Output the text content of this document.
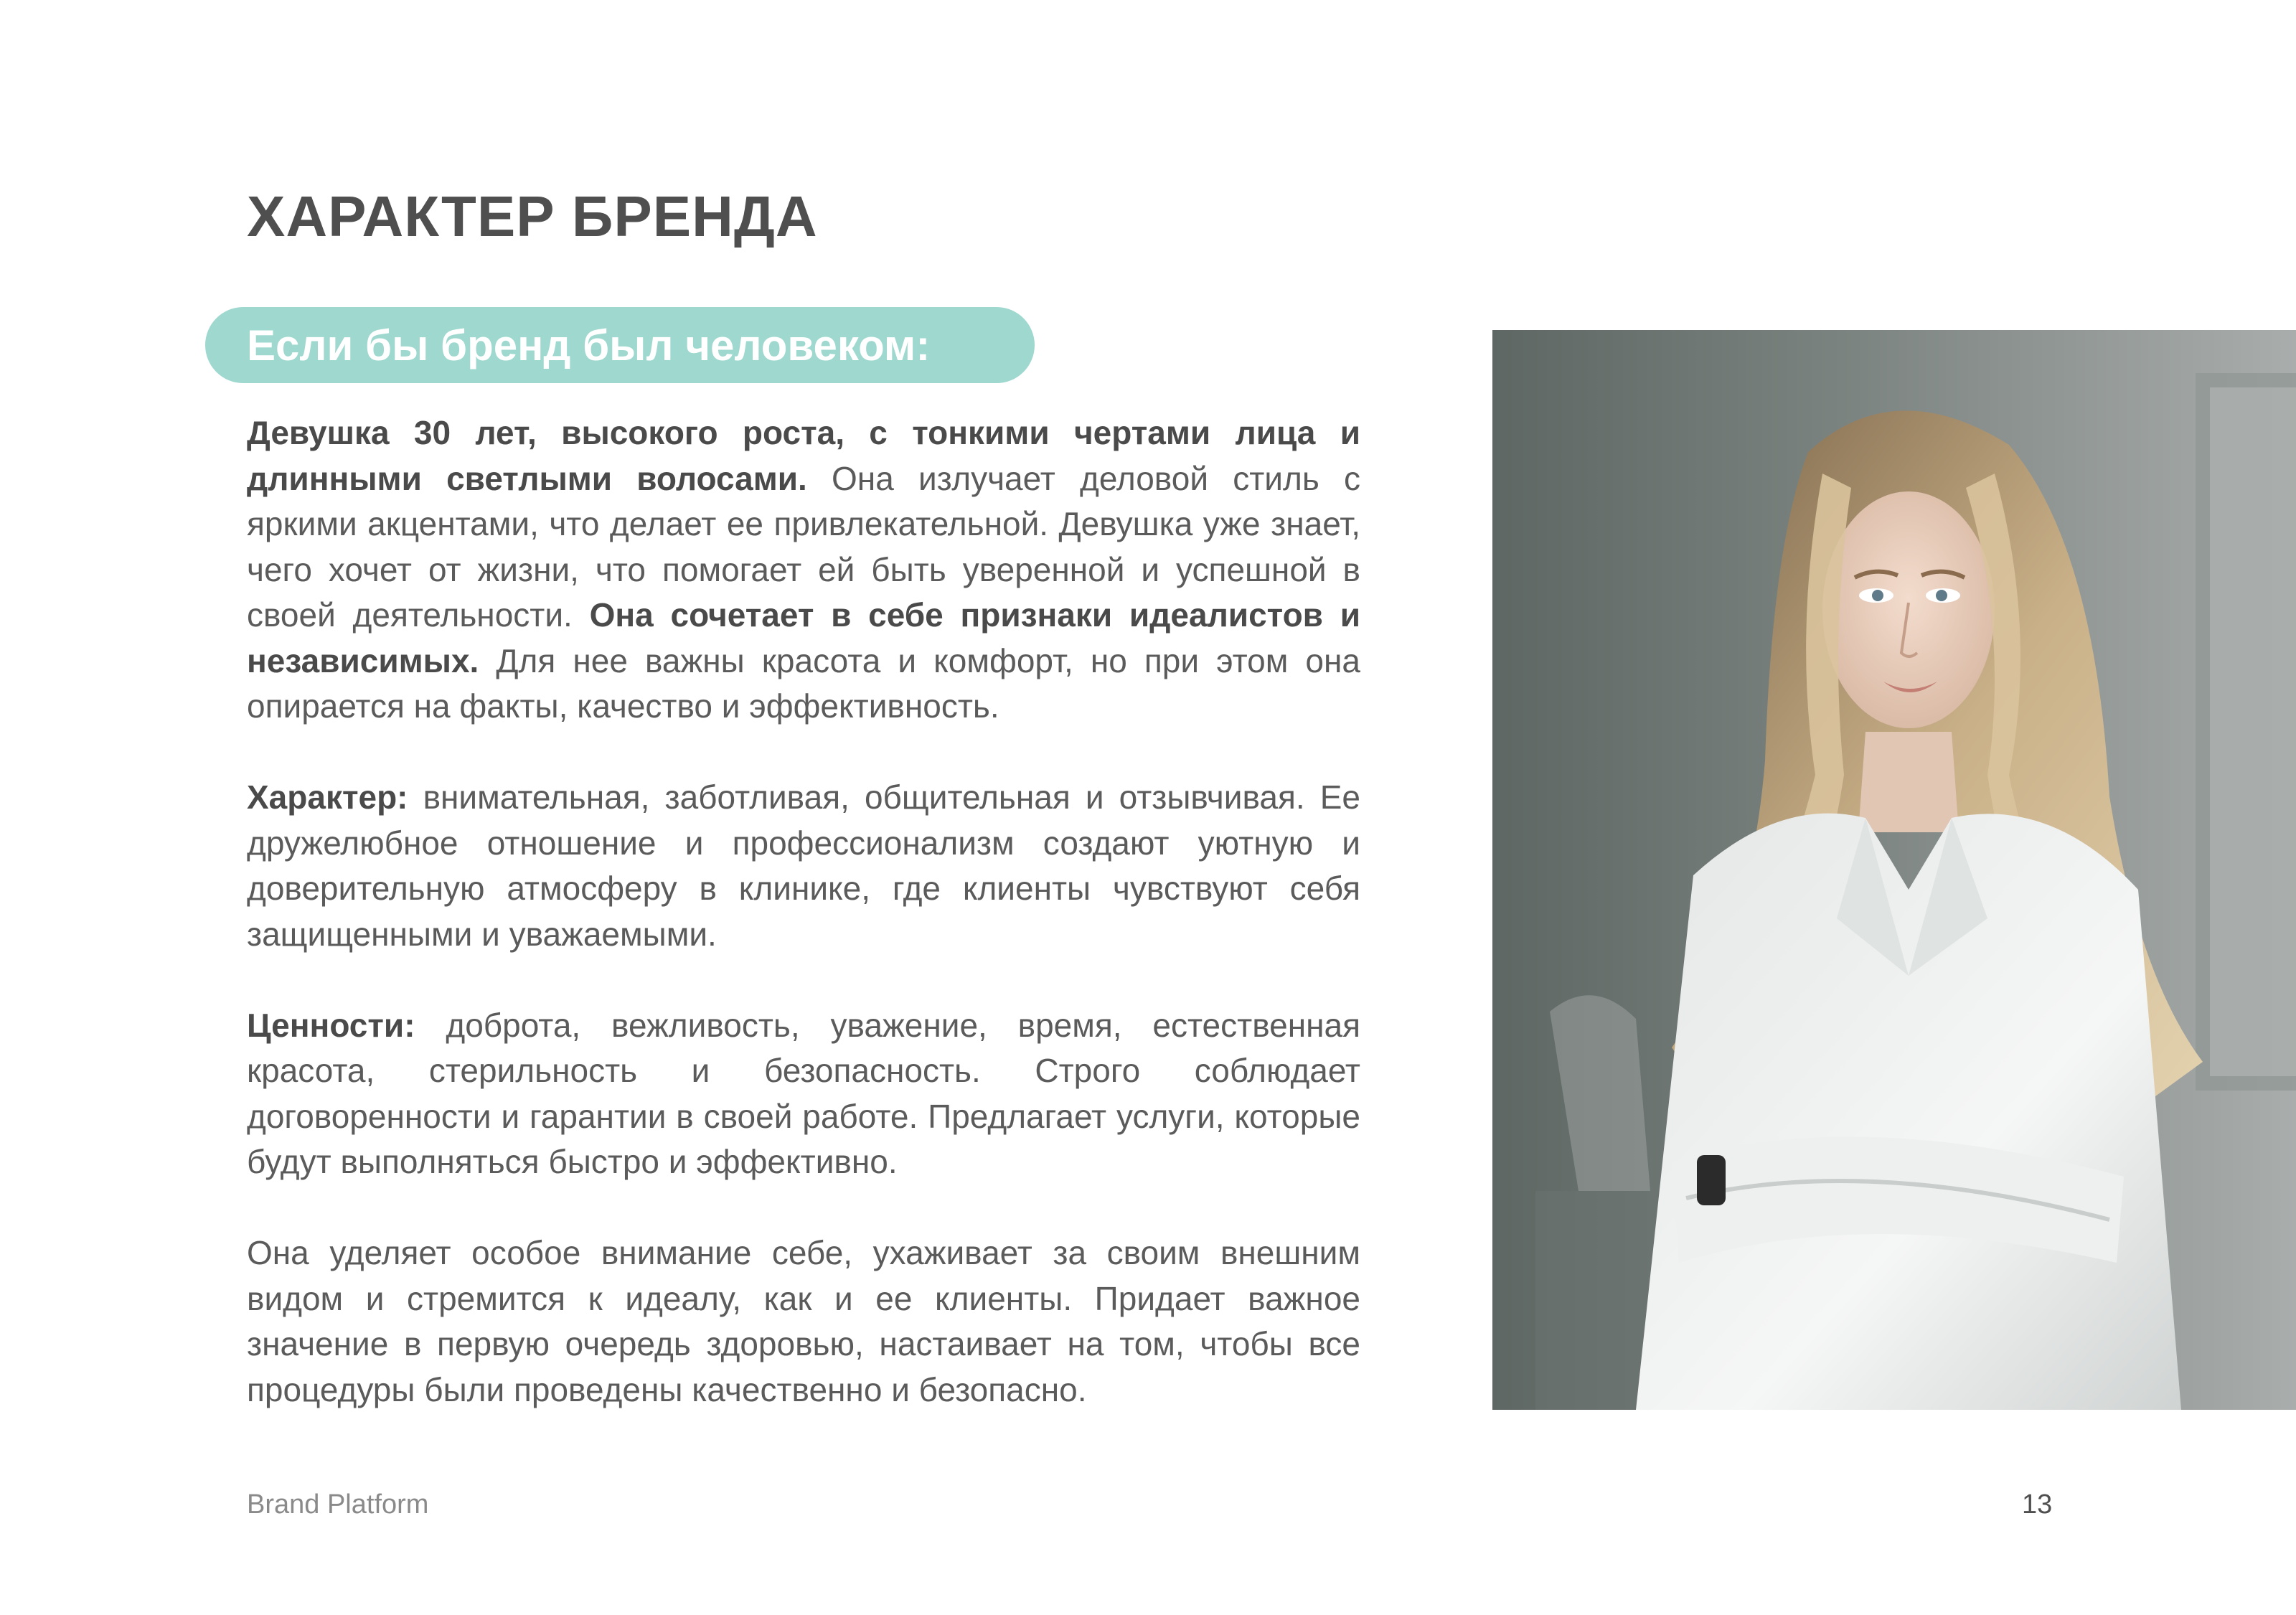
ХАРАКТЕР БРЕНДА
Если бы бренд был человеком:

Девушка 30 лет, высокого роста, с тонкими чертами лица и длинными светлыми волосами. Она излучает деловой стиль с яркими акцентами, что делает ее привлекательной. Девушка уже знает, чего хочет от жизни, что помогает ей быть уверенной и успешной в своей деятельности. Она сочетает в себе признаки идеалистов и независимых. Для нее важны красота и комфорт, но при этом она опирается на факты, качество и эффективность.

Характер: внимательная, заботливая, общительная и отзывчивая. Ее дружелюбное отношение и профессионализм создают уютную и доверительную атмосферу в клинике, где клиенты чувствуют себя защищенными и уважаемыми.

Ценности: доброта, вежливость, уважение, время, естественная красота, стерильность и безопасность. Строго соблюдает договоренности и гарантии в своей работе. Предлагает услуги, которые будут выполняться быстро и эффективно.

Она уделяет особое внимание себе, ухаживает за своим внешним видом и стремится к идеалу, как и ее клиенты. Придает важное значение в первую очередь здоровью, настаивает на том, чтобы все процедуры были проведены качественно и безопасно.

Brand Platform	13
